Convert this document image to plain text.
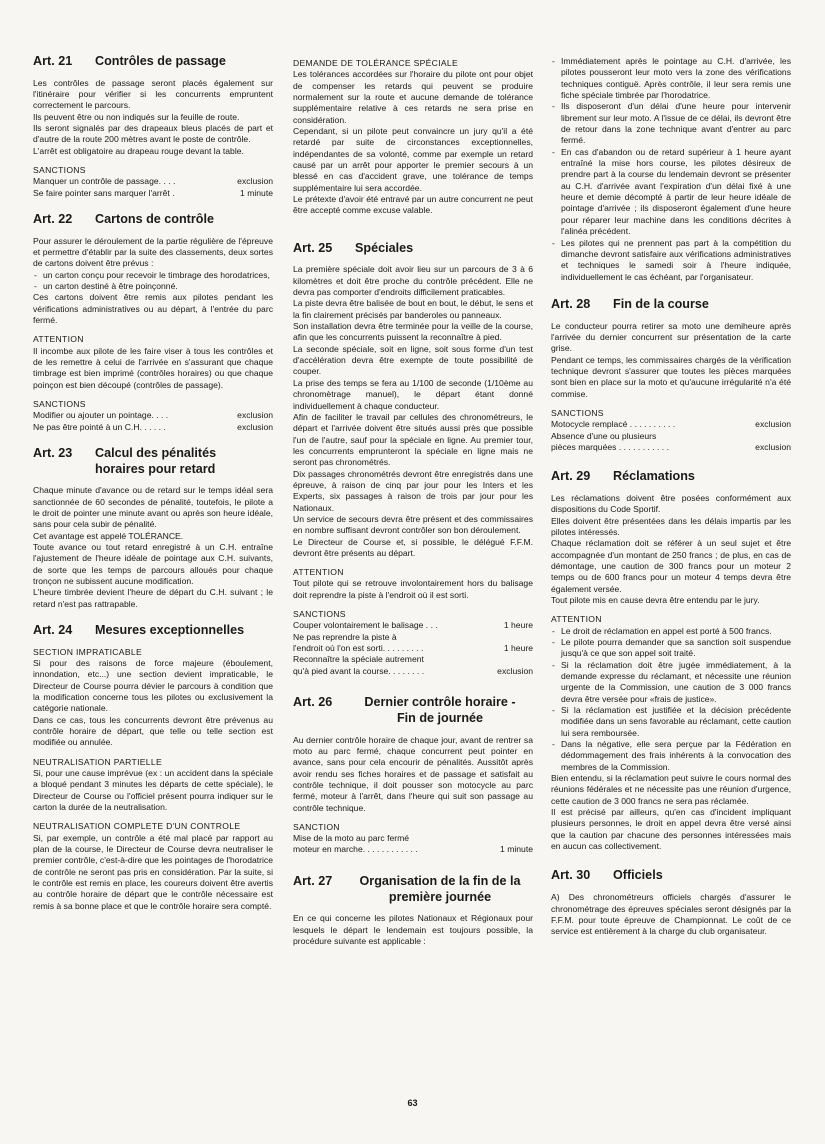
Art. 21 Contrôles de passage

Les contrôles de passage seront placés également sur l'itinéraire pour vérifier si les concurrents empruntent correctement le parcours.

Ils peuvent être ou non indiqués sur la feuille de route.

Ils seront signalés par des drapeaux bleus placés de part et d'autre de la route 200 mètres avant le poste de contrôle.

L'arrêt est obligatoire au drapeau rouge devant la table.

SANCTIONS

Manquer un contrôle de passage. . . .	exclusion
Se faire pointer sans marquer l'arrêt .	1 minute
Art. 22 Cartons de contrôle

Pour assurer le déroulement de la partie régulière de l'épreuve et permettre d'établir par la suite des classements, deux sortes de cartons doivent être prévus :

- un carton conçu pour recevoir le timbrage des horodatrices,
- un carton destiné à être poinçonné.

Ces cartons doivent être remis aux pilotes pendant les vérifications administratives ou au départ, à l'entrée du parc fermé.

ATTENTION

Il incombe aux pilote de les faire viser à tous les contrôles et de les remettre à celui de l'arrivée en s'assurant que chaque timbrage est bien imprimé (contrôles horaires) ou que chaque poinçon est bien découpé (contrôles de passage).

SANCTIONS

Modifier ou ajouter un pointage. . . .	exclusion
Ne pas être pointé à un C.H. . . . . .	exclusion
Art. 23 Calcul des pénalités horaires pour retard

Chaque minute d'avance ou de retard sur le temps idéal sera sanctionnée de 60 secondes de pénalité, toutefois, le pilote a le droit de pointer une minute avant ou après son heure idéale, sans pour cela subir de pénalité.

Cet avantage est appelé TOLÉRANCE.

Toute avance ou tout retard enregistré à un C.H. entraîne l'ajustement de l'heure idéale de pointage aux C.H. suivants, de sorte que les temps de parcours alloués pour chaque tronçon ne subissent aucune modification.

L'heure timbrée devient l'heure de départ du C.H. suivant ; le retard n'est pas rattrapable.

Art. 24 Mesures exceptionnelles

SECTION IMPRATICABLE

Si pour des raisons de force majeure (éboulement, innondation, etc...) une section devient impraticable, le Directeur de Course pourra dévier le parcours à condition que la modification concerne tous les pilotes ou exclusivement la catégorie nationale.

Dans ce cas, tous les concurrents devront être prévenus au contrôle horaire de départ, que telle ou telle section est modifiée ou annulée.

NEUTRALISATION PARTIELLE

Si, pour une cause imprévue (ex : un accident dans la spéciale a bloqué pendant 3 minutes les départs de cette spéciale), le Directeur de Course ou l'officiel présent pourra indiquer sur le carton la durée de la neutralisation.

NEUTRALISATION COMPLETE D'UN CONTROLE

Si, par exemple, un contrôle a été mal placé par rapport au plan de la course, le Directeur de Course devra neutraliser le premier contrôle, c'est-à-dire que les pointages de l'horodatrice de contrôle ne seront pas pris en considération. Par la suite, si le contrôle est remis en place, les coureurs doivent être avertis au contrôle horaire de départ que le contrôle nécessaire est remis à sa bonne place et que le contrôle horaire sera compté.

DEMANDE DE TOLÉRANCE SPÉCIALE

Les tolérances accordées sur l'horaire du pilote ont pour objet de compenser les retards qui peuvent se produire normalement sur la route et aucune demande de tolérance supplémentaire relative à ces retards ne sera prise en considération.

Cependant, si un pilote peut convaincre un jury qu'il a été retardé par suite de circonstances exceptionnelles, indépendantes de sa volonté, comme par exemple un retard causé par un arrêt pour apporter le premier secours à un blessé en cas d'accident grave, une tolérance de temps supplémentaire lui sera accordée.

Le prétexte d'avoir été entravé par un autre concurrent ne peut être accepté comme excuse valable.

Art. 25 Spéciales

La première spéciale doit avoir lieu sur un parcours de 3 à 6 kilomètres et doit être proche du contrôle précédent. Elle ne devra pas comporter d'endroits difficilement praticables.

La piste devra être balisée de bout en bout, le début, le sens et la fin clairement précisés par banderoles ou panneaux.

Son installation devra être terminée pour la veille de la course, afin que les concurrents puissent la reconnaître à pied.

La seconde spéciale, soit en ligne, soit sous forme d'un test d'accélération devra être exempte de toute possibilité de couper.

La prise des temps se fera au 1/100 de seconde (1/10ème au chronomètrage manuel), le départ étant donné individuellement à chaque conducteur.

Afin de faciliter le travail par cellules des chronométreurs, le départ et l'arrivée doivent être situés aussi près que possible l'un de l'autre, sauf pour la spéciale en ligne. Au premier tour, les concurrents emprunteront la spéciale en ligne mais ne seront pas chronométrés.

Dix passages chronométrés devront être enregistrés dans une épreuve, à raison de cinq par jour pour les Inters et les Experts, six passages à raison de trois par jour pour les Nationaux.

Un service de secours devra être présent et des commissaires en nombre suffisant devront contrôler son bon déroulement.

Le Directeur de Course et, si possible, le délégué F.F.M. devront être présents au départ.

ATTENTION

Tout pilote qui se retrouve involontairement hors du balisage doit reprendre la piste à l'endroit où il est sorti.

SANCTIONS

Couper volontairement le balisage . . .	1 heure
Ne pas reprendre la piste à
l'endroit où l'on est sorti. . . . . . . . .	1 heure
Reconnaître la spéciale autrement
qu'à pied avant la course. . . . . . . .	exclusion
Art. 26	Dernier contrôle horaire - Fin de journée

Au dernier contrôle horaire de chaque jour, avant de rentrer sa moto au parc fermé, chaque concurrent peut pointer en avance, sans pour cela encourir de pénalités. Aussitôt après avoir rendu ses fiches horaires et de passage et satisfait au contrôle technique, il doit pousser son motocycle au parc fermé, moteur à l'arrêt, dans l'heure qui suit son passage au contrôle technique.

SANCTION

Mise de la moto au parc fermé
moteur en marche. . . . . . . . . . . .	1 minute
Art. 27 Organisation de la fin de la première journée

En ce qui concerne les pilotes Nationaux et Régionaux pour lesquels le départ le lendemain est toujours possible, la procédure suivante est applicable :

- Immédiatement après le pointage au C.H. d'arrivée, les pilotes pousseront leur moto vers la zone des vérifications techniques contiguë. Après contrôle, il leur sera remis une fiche spéciale timbrée par l'horodatrice.
- Ils disposeront d'un délai d'une heure pour intervenir librement sur leur moto. A l'issue de ce délai, ils devront être de retour dans la zone technique avant d'entrer au parc fermé.
- En cas d'abandon ou de retard supérieur à 1 heure ayant entraîné la mise hors course, les pilotes désireux de prendre part à la course du lendemain devront se présenter au C.H. d'arrivée avant l'expiration d'un délai fixé à une heure et demie décompté à partir de leur heure idéale de pointage d'arrivée ; ils disposeront également d'une heure pour réparer leur machine dans les conditions décrites à l'alinéa précédent.
- Les pilotes qui ne prennent pas part à la compétition du dimanche devront satisfaire aux vérifications administratives et techniques le samedi soir à l'heure indiquée, individuellement le cas échéant, par l'organisateur.
Art. 28 Fin de la course

Le conducteur pourra retirer sa moto une demiheure après l'arrivée du dernier concurrent sur présentation de la carte grise.

Pendant ce temps, les commissaires chargés de la vérification technique devront s'assurer que toutes les pièces marquées sont bien en place sur la moto et qu'aucune irrégularité n'a été commise.

SANCTIONS

Motocycle remplacé . . . . . . . . . .	exclusion
Absence d'une ou plusieurs
pièces marquées . . . . . . . . . . .	exclusion
Art. 29 Réclamations

Les réclamations doivent être posées conformément aux dispositions du Code Sportif.

Elles doivent être présentées dans les délais impartis par les pilotes intéressés.

Chaque réclamation doit se référer à un seul sujet et être accompagnée d'un montant de 250 francs ; de plus, en cas de démontage, une caution de 300 francs pour un moteur 2 temps ou de 600 francs pour un moteur 4 temps devra être également versée.

Tout pilote mis en cause devra être entendu par le jury.

ATTENTION

- Le droit de réclamation en appel est porté à 500 francs.
- Le pilote pourra demander que sa sanction soit suspendue jusqu'à ce que son appel soit traité.
- Si la réclamation doit être jugée immédiatement, à la demande expresse du réclamant, et nécessite une réunion urgente de la Commission, une caution de 3 000 francs devra être versée pour «frais de justice».
- Si la réclamation est justifiée et la décision précédente modifiée dans un sens favorable au réclamant, cette caution lui sera remboursée.
- Dans la négative, elle sera perçue par la Fédération en dédommagement des frais inhérents à la convocation des membres de la Commission.

Bien entendu, si la réclamation peut suivre le cours normal des réunions fédérales et ne nécessite pas une réunion d'urgence, cette caution de 3 000 francs ne sera pas réclamée.

Il est précisé par ailleurs, qu'en cas d'incident impliquant plusieurs personnes, le droit en appel devra être versé ainsi que la caution par chacune des personnes intéressées mais en aucun cas collectivement.

Art. 30 Officiels

A) Des chronométreurs officiels chargés d'assurer le chronométrage des épreuves spéciales seront désignés par la F.F.M. pour toute épreuve de Championnat. Le coût de ce service est entièrement à la charge du club organisateur.

63
